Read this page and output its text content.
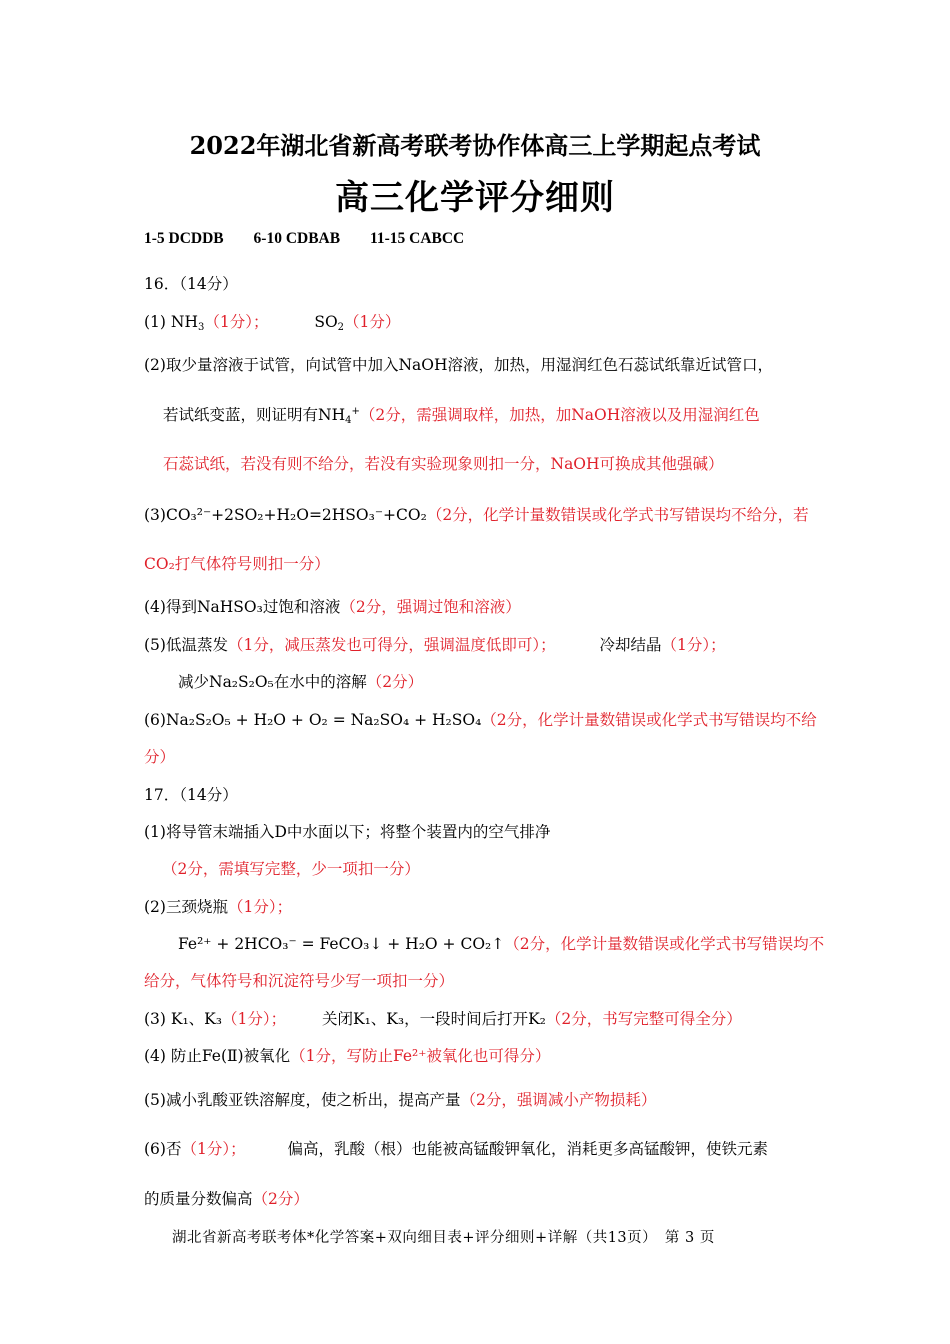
2022年湖北省新高考联考协作体高三上学期起点考试
高三化学评分细则
1-5 DCDDB 6-10 CDBAB 11-15 CABCC
16．（14分）
(1) $NH_3(1$分）；	$SO_2(1$分）
(2)取少量溶液于试管，向试管中加入NaOH溶液，加热，用湿润红色石蕊试纸靠近试管口，
若试纸变蓝，则证明有$NH_4^+(2$分，需强调取样，加热，加NaOH溶液以及用湿润红色
石蕊试纸，若没有则不给分，若没有实验现象则扣一分，NaOH可换成其他强碱）
(3)CO₃²⁻+2SO₂+H₂O=2HSO₃⁻+CO₂（2分，化学计量数错误或化学式书写错误均不给分，若
CO₂打气体符号则扣一分）
(4)得到NaHSO₃过饱和溶液（2分，强调过饱和溶液）
(5)低温蒸发（1分，减压蒸发也可得分，强调温度低即可）；	冷却结晶（1分）；
减少Na₂S₂O₅在水中的溶解（2分）
(6)Na₂S₂O₅ + H₂O + O₂ = Na₂SO₄ + H₂SO₄（2分，化学计量数错误或化学式书写错误均不给
分）
17．（14分）
(1)将导管末端插入D中水面以下；将整个装置内的空气排净
（2分，需填写完整，少一项扣一分）
(2)三颈烧瓶（1分）；
Fe²⁺ + 2HCO₃⁻ = FeCO₃↓ + H₂O + CO₂↑（2分，化学计量数错误或化学式书写错误均不
给分，气体符号和沉淀符号少写一项扣一分）
(3) K₁、K₃（1分）； 关闭K₁、K₃，一段时间后打开K₂（2分，书写完整可得全分）
(4) 防止Fe(Ⅱ)被氧化（1分，写防止Fe²⁺被氧化也可得分）
(5)减小乳酸亚铁溶解度，使之析出，提高产量（2分，强调减小产物损耗）
(6)否（1分）；	偏高，乳酸（根）也能被高锰酸钾氧化，消耗更多高锰酸钾，使铁元素
的质量分数偏高（2分）
湖北省新高考联考体*化学答案+双向细目表+评分细则+详解（共13页）　第 3 页
